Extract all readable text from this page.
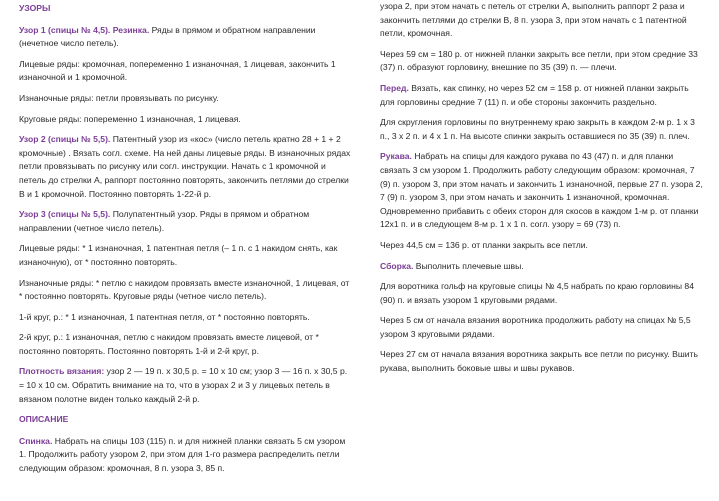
УЗОРЫ

Узор 1 (спицы № 4,5). Резинка. Ряды в прямом и обратном направлении (нечетное число петель).

Лицевые ряды: кромочная, попеременно 1 изнаночная, 1 лицевая, закончить 1 изнаночной и 1 кромочной.

Изнаночные ряды: петли провязывать по рисунку.

Круговые ряды: попеременно 1 изнаночная, 1 лицевая.

Узор 2 (спицы № 5,5). Патентный узор из «кос» (число петель кратно 28 + 1 + 2 кромочные) . Вязать согл. схеме. На ней даны лицевые ряды. В изнаночных рядах петли провязывать по рисунку или согл. инструкции. Начать с 1 кромочной и петель до стрелки А, раппорт постоянно повторять, закончить петлями до стрелки В и 1 кромочной. Постоянно повторять 1-22-й р.

Узор 3 (спицы № 5,5). Полупатентный узор. Ряды в прямом и обратном направлении (четное число петель).

Лицевые ряды: * 1 изнаночная, 1 патентная петля (– 1 п. с 1 накидом снять, как изнаночную), от * постоянно повторять.

Изнаночные ряды: * петлю с накидом провязать вместе изнаночной, 1 лицевая, от * постоянно повторять. Круговые ряды (четное число петель).

1-й круг, р.: * 1 изнаночная, 1 патентная петля, от * постоянно повторять.

2-й круг, р.: 1 изнаночная, петлю с накидом провязать вместе лицевой, от * постоянно повторять. Постоянно повторять 1-й и 2-й круг, р.

Плотность вязания: узор 2 — 19 п. х 30,5 р. = 10 х 10 см; узор 3 — 16 п. х 30,5 р. = 10 х 10 см. Обратить внимание на то, что в узорах 2 и 3 у лицевых петель в вязаном полотне виден только каждый 2-й р.

ОПИСАНИЕ

Спинка. Набрать на спицы 103 (115) п. и для нижней планки связать 5 см узором 1. Продолжить работу узором 2, при этом для 1-го размера распределить петли следующим образом: кромочная, 8 п. узора 3, 85 п.

узора 2, при этом начать с петель от стрелки А, выполнить раппорт 2 раза и закончить петлями до стрелки В, 8 п. узора 3, при этом начать с 1 патентной петли, кромочная.

Через 59 см = 180 р. от нижней планки закрыть все петли, при этом средние 33 (37) п. образуют горловину, внешние по 35 (39) п. — плечи.

Перед. Вязать, как спинку, но через 52 см = 158 р. от нижней планки закрыть для горловины средние 7 (11) п. и обе стороны закончить раздельно.

Для скругления горловины по внутреннему краю закрыть в каждом 2-м р. 1 х 3 п., 3 х 2 п. и 4 х 1 п. На высоте спинки закрыть оставшиеся по 35 (39) п. плеч.

Рукава. Набрать на спицы для каждого рукава по 43 (47) п. и для планки связать 3 см узором 1. Продолжить работу следующим образом: кромочная, 7 (9) п. узором 3, при этом начать и закончить 1 изнаночной, первые 27 п. узора 2, 7 (9) п. узором 3, при этом начать и закончить 1 изнаночной, кромочная. Одновременно прибавить с обеих сторон для скосов в каждом 1-м р. от планки 12х1 п. и в следующем 8-м р. 1 х 1 п. согл. узору = 69 (73) п.

Через 44,5 см = 136 р. от планки закрыть все петли.

Сборка. Выполнить плечевые швы.

Для воротника гольф на круговые спицы № 4,5 набрать по краю горловины 84 (90) п. и вязать узором 1 круговыми рядами.

Через 5 см от начала вязания воротника продолжить работу на спицах № 5,5 узором 3 круговыми рядами.

Через 27 см от начала вязания воротника закрыть все петли по рисунку. Вшить рукава, выполнить боковые швы и швы рукавов.
